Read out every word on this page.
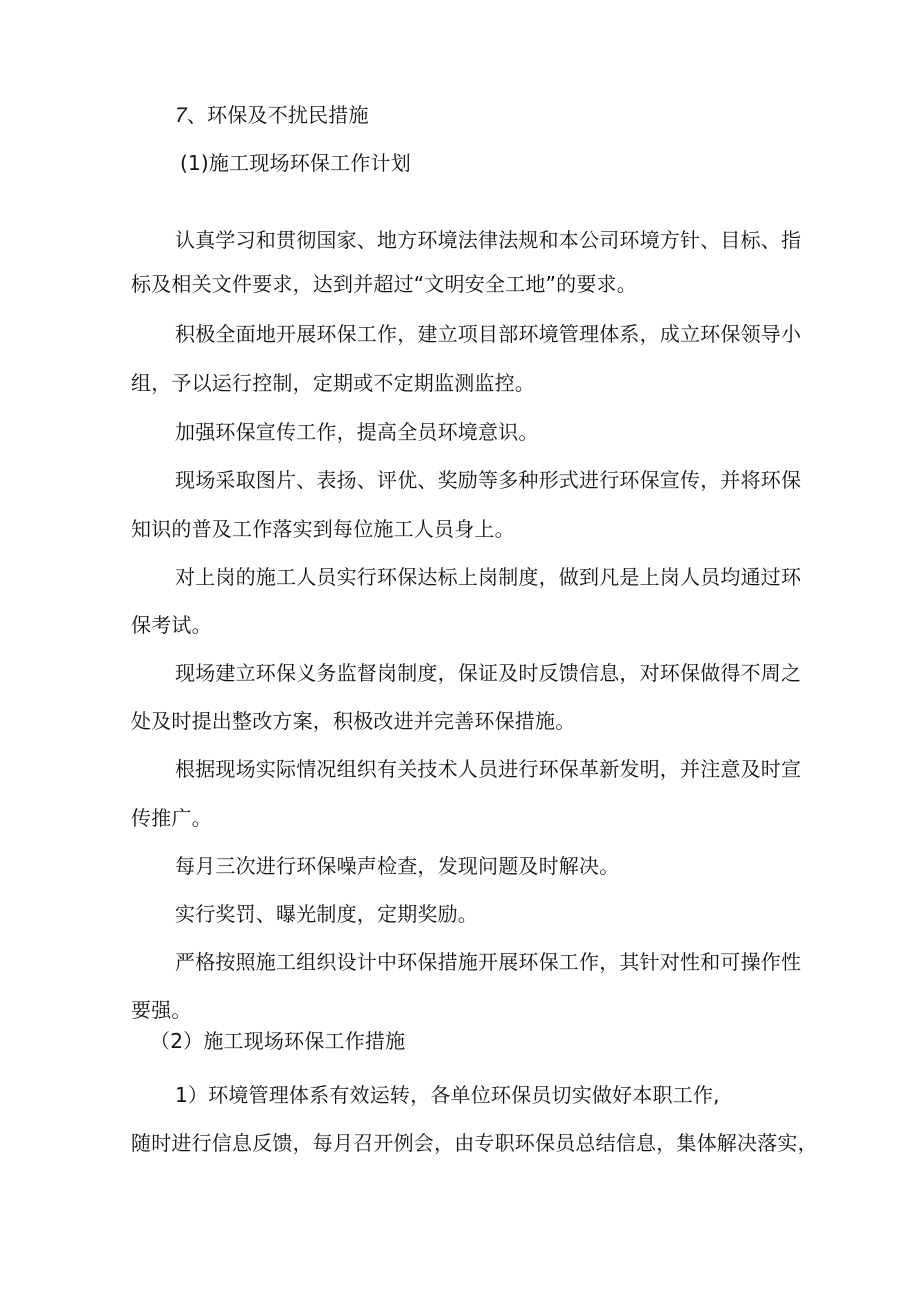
7、环保及不扰民措施
(1)施工现场环保工作计划
认真学习和贯彻国家、地方环境法律法规和本公司环境方针、目标、指
标及相关文件要求，达到并超过“文明安全工地”的要求。
积极全面地开展环保工作，建立项目部环境管理体系，成立环保领导小
组，予以运行控制，定期或不定期监测监控。
加强环保宣传工作，提高全员环境意识。
现场采取图片、表扬、评优、奖励等多种形式进行环保宣传，并将环保
知识的普及工作落实到每位施工人员身上。
对上岗的施工人员实行环保达标上岗制度，做到凡是上岗人员均通过环
保考试。
现场建立环保义务监督岗制度，保证及时反馈信息，对环保做得不周之
处及时提出整改方案，积极改进并完善环保措施。
根据现场实际情况组织有关技术人员进行环保革新发明，并注意及时宣
传推广。
每月三次进行环保噪声检查，发现问题及时解决。
实行奖罚、曝光制度，定期奖励。
严格按照施工组织设计中环保措施开展环保工作，其针对性和可操作性
要强。
（2）施工现场环保工作措施
1）环境管理体系有效运转，各单位环保员切实做好本职工作,
随时进行信息反馈，每月召开例会，由专职环保员总结信息，集体解决落实，
